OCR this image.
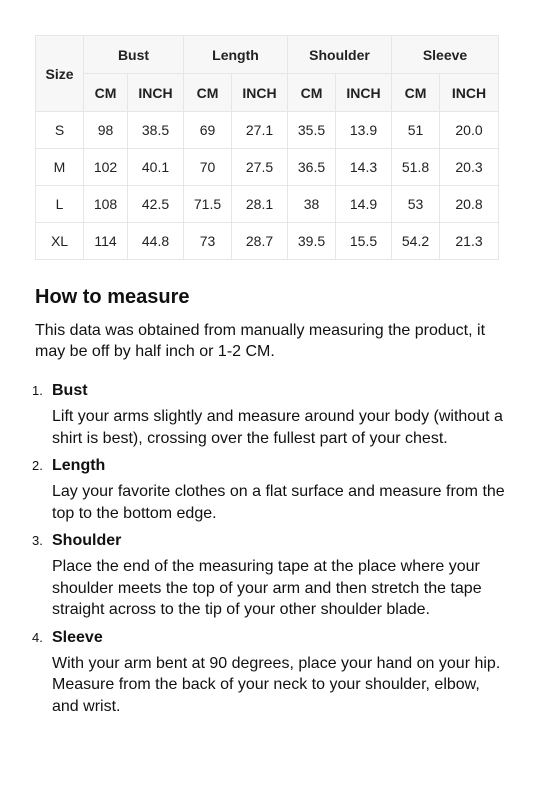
Size	Bust		Length		Shoulder		Sleeve	
	CM	INCH	CM	INCH	CM	INCH	CM	INCH
S	98	38.5	69	27.1	35.5	13.9	51	20.0
M	102	40.1	70	27.5	36.5	14.3	51.8	20.3
L	108	42.5	71.5	28.1	38	14.9	53	20.8
XL	114	44.8	73	28.7	39.5	15.5	54.2	21.3
How to measure

This data was obtained from manually measuring the product, it may be off by half inch or 1-2 CM.

1. Bust

Lift your arms slightly and measure around your body (without a shirt is best), crossing over the fullest part of your chest.

2. Length

Lay your favorite clothes on a flat surface and measure from the top to the bottom edge.

3. Shoulder

Place the end of the measuring tape at the place where your shoulder meets the top of your arm and then stretch the tape straight across to the tip of your other shoulder blade.

4. Sleeve

With your arm bent at 90 degrees, place your hand on your hip. Measure from the back of your neck to your shoulder, elbow, and wrist.
